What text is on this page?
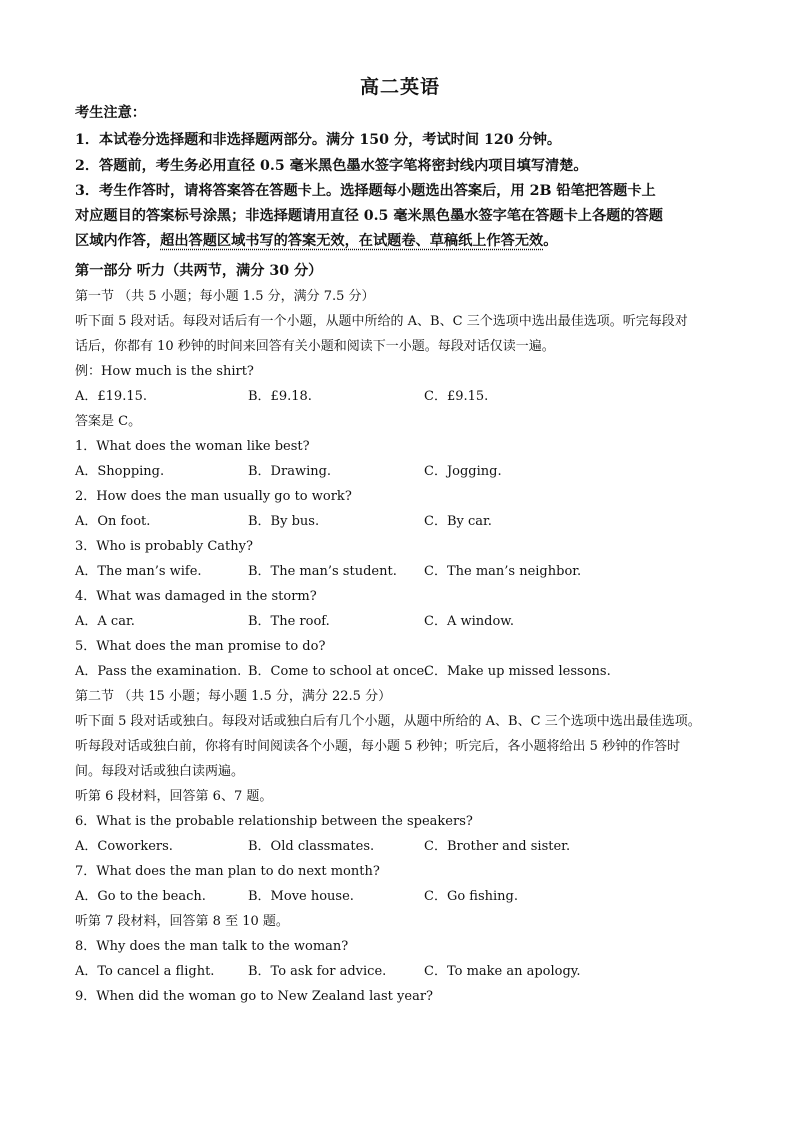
高二英语
考生注意：
1．本试卷分选择题和非选择题两部分。满分 150 分，考试时间 120 分钟。
2．答题前，考生务必用直径 0.5 毫米黑色墨水签字笔将密封线内项目填写清楚。
3．考生作答时，请将答案答在答题卡上。选择题每小题选出答案后，用 2B 铅笔把答题卡上
对应题目的答案标号涂黑；非选择题请用直径 0.5 毫米黑色墨水签字笔在答题卡上各题的答题
区域内作答，超出答题区域书写的答案无效，在试题卷、草稿纸上作答无效。
第一部分 听力（共两节，满分 30 分）
第一节 （共 5 小题；每小题 1.5 分，满分 7.5 分）
听下面 5 段对话。每段对话后有一个小题，从题中所给的 A、B、C 三个选项中选出最佳选项。听完每段对
话后，你都有 10 秒钟的时间来回答有关小题和阅读下一小题。每段对话仅读一遍。
例：How much is the shirt?
A．£19.15.	B．£9.18.	C．£9.15.
答案是 C。
1．What does the woman like best?
A．Shopping.	B．Drawing.	C．Jogging.
2．How does the man usually go to work?
A．On foot.	B．By bus.	C．By car.
3．Who is probably Cathy?
A．The man’s wife.	B．The man’s student. C．The man’s neighbor.
4．What was damaged in the storm?
A．A car.	B．The roof.	C．A window.
5．What does the man promise to do?
A．Pass the examination. B．Come to school at once.
C．Make up missed lessons.
第二节 （共 15 小题；每小题 1.5 分，满分 22.5 分）
听下面 5 段对话或独白。每段对话或独白后有几个小题，从题中所给的 A、B、C 三个选项中选出最佳选项。
听每段对话或独白前，你将有时间阅读各个小题，每小题 5 秒钟；听完后，各小题将给出 5 秒钟的作答时
间。每段对话或独白读两遍。
听第 6 段材料，回答第 6、7 题。
6．What is the probable relationship between the speakers?
A．Coworkers.	B．Old classmates.	C．Brother and sister.
7．What does the man plan to do next month?
A．Go to the beach.	B．Move house.	C．Go fishing.
听第 7 段材料，回答第 8 至 10 题。
8．Why does the man talk to the woman?
A．To cancel a flight.	B．To ask for advice.	C．To make an apology.
9．When did the woman go to New Zealand last year?
